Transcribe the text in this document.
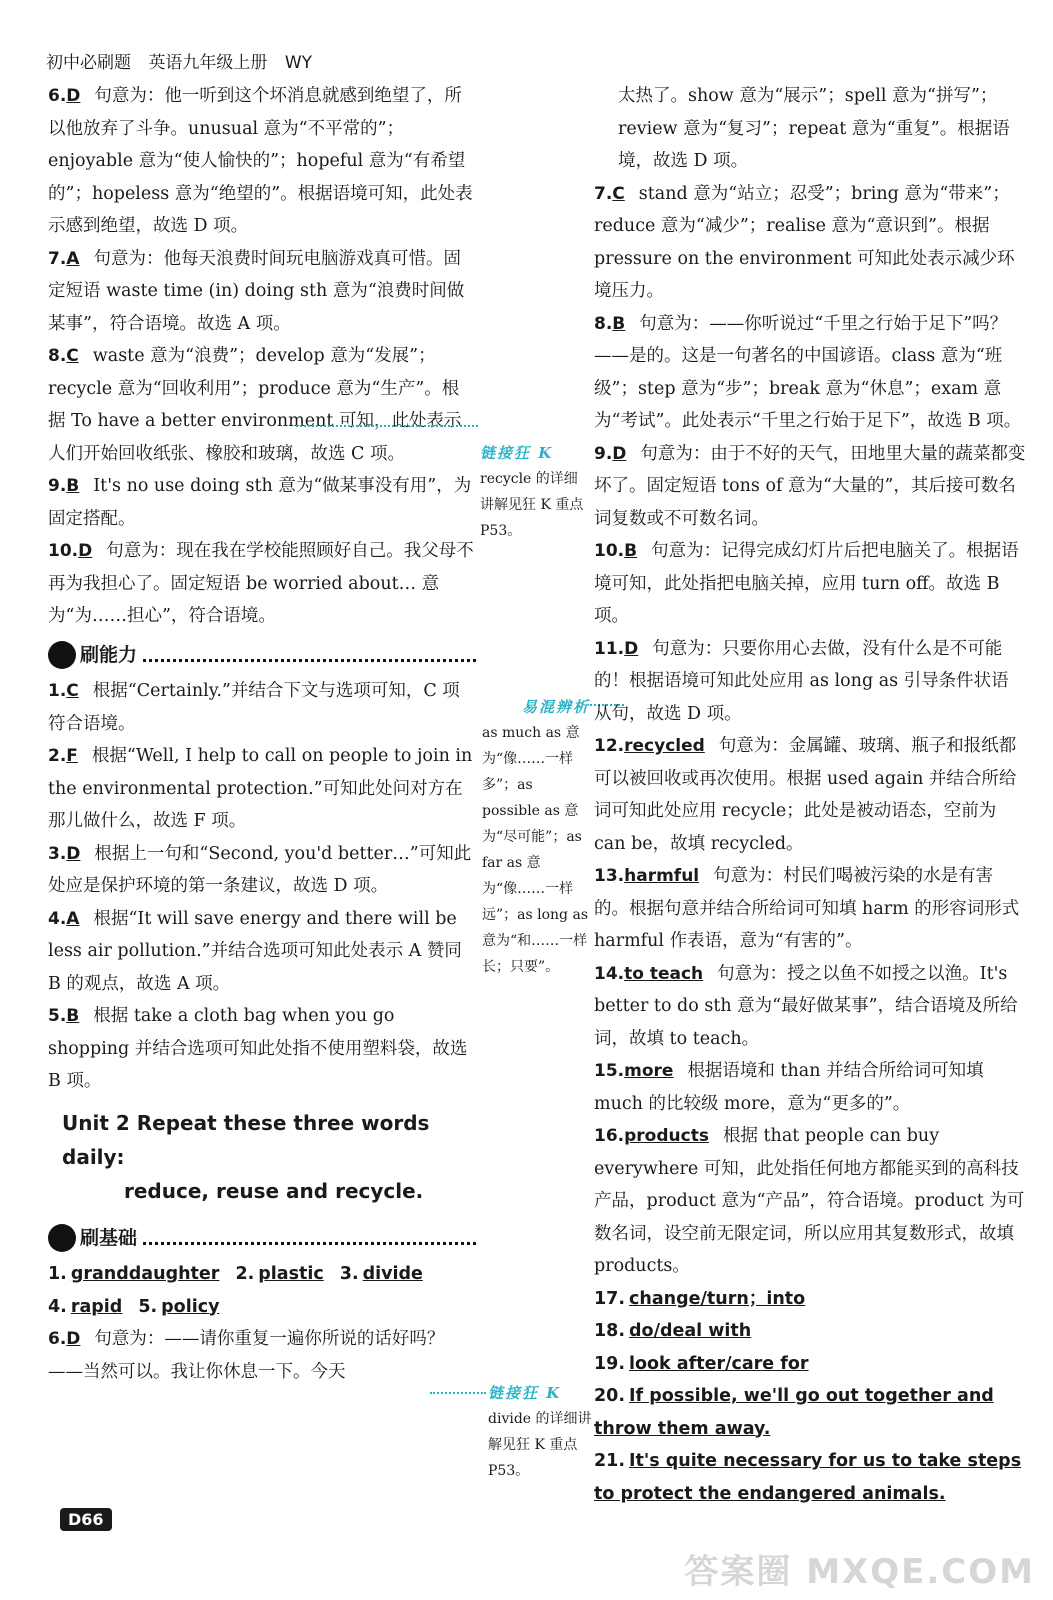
初中必刷题 英语九年级上册 WY

6.D 句意为：他一听到这个坏消息就感到绝望了，所以他放弃了斗争。unusual 意为“不平常的”；enjoyable 意为“使人愉快的”；hopeful 意为“有希望的”；hopeless 意为“绝望的”。根据语境可知，此处表示感到绝望，故选 D 项。

7.A 句意为：他每天浪费时间玩电脑游戏真可惜。固定短语 waste time (in) doing sth 意为“浪费时间做某事”，符合语境。故选 A 项。

8.C waste 意为“浪费”；develop 意为“发展”；recycle 意为“回收利用”；produce 意为“生产”。根据 To have a better environment 可知，此处表示人们开始回收纸张、橡胶和玻璃，故选 C 项。

9.B It's no use doing sth 意为“做某事没有用”，为固定搭配。

10.D 句意为：现在我在学校能照顾好自己。我父母不再为我担心了。固定短语 be worried about… 意为“为……担心”，符合语境。

刷能力

1.C 根据“Certainly.”并结合下文与选项可知，C 项符合语境。

2.F 根据“Well, I help to call on people to join in the environmental protection.”可知此处问对方在那儿做什么，故选 F 项。

3.D 根据上一句和“Second, you'd better…”可知此处应是保护环境的第一条建议，故选 D 项。

4.A 根据“It will save energy and there will be less air pollution.”并结合选项可知此处表示 A 赞同 B 的观点，故选 A 项。

5.B 根据 take a cloth bag when you go shopping 并结合选项可知此处指不使用塑料袋，故选 B 项。

Unit 2 Repeat these three words daily:
reduce, reuse and recycle.
刷基础
1. granddaughter 2. plastic 3. divide
4. rapid 5. policy

6.D 句意为：——请你重复一遍你所说的话好吗？——当然可以。我让你休息一下。今天

链接狂 K
recycle 的详细讲解见狂 K 重点 P53。
易混辨析
as much as 意为“像……一样多”；as possible as 意为“尽可能”；as far as 意为“像……一样远”；as long as 意为“和……一样长；只要”。
链接狂 K
divide 的详细讲解见狂 K 重点 P53。
太热了。show 意为“展示”；spell 意为“拼写”；review 意为“复习”；repeat 意为“重复”。根据语境，故选 D 项。

7.C stand 意为“站立；忍受”；bring 意为“带来”；reduce 意为“减少”；realise 意为“意识到”。根据 pressure on the environment 可知此处表示减少环境压力。

8.B 句意为：——你听说过“千里之行始于足下”吗？——是的。这是一句著名的中国谚语。class 意为“班级”；step 意为“步”；break 意为“休息”；exam 意为“考试”。此处表示“千里之行始于足下”，故选 B 项。

9.D 句意为：由于不好的天气，田地里大量的蔬菜都变坏了。固定短语 tons of 意为“大量的”，其后接可数名词复数或不可数名词。

10.B 句意为：记得完成幻灯片后把电脑关了。根据语境可知，此处指把电脑关掉，应用 turn off。故选 B 项。

11.D 句意为：只要你用心去做，没有什么是不可能的！根据语境可知此处应用 as long as 引导条件状语从句，故选 D 项。

12.recycled 句意为：金属罐、玻璃、瓶子和报纸都可以被回收或再次使用。根据 used again 并结合所给词可知此处应用 recycle；此处是被动语态，空前为 can be，故填 recycled。

13.harmful 句意为：村民们喝被污染的水是有害的。根据句意并结合所给词可知填 harm 的形容词形式 harmful 作表语，意为“有害的”。

14.to teach 句意为：授之以鱼不如授之以渔。It's better to do sth 意为“最好做某事”，结合语境及所给词，故填 to teach。

15.more 根据语境和 than 并结合所给词可知填 much 的比较级 more，意为“更多的”。

16.products 根据 that people can buy everywhere 可知，此处指任何地方都能买到的高科技产品，product 意为“产品”，符合语境。product 为可数名词，设空前无限定词，所以应用其复数形式，故填 products。

17. change/turn；into
18. do/deal with
19. look after/care for
20. If possible, we'll go out together and throw them away.
21. It's quite necessary for us to take steps to protect the endangered animals.
D66
答案圈 MXQE.COM
